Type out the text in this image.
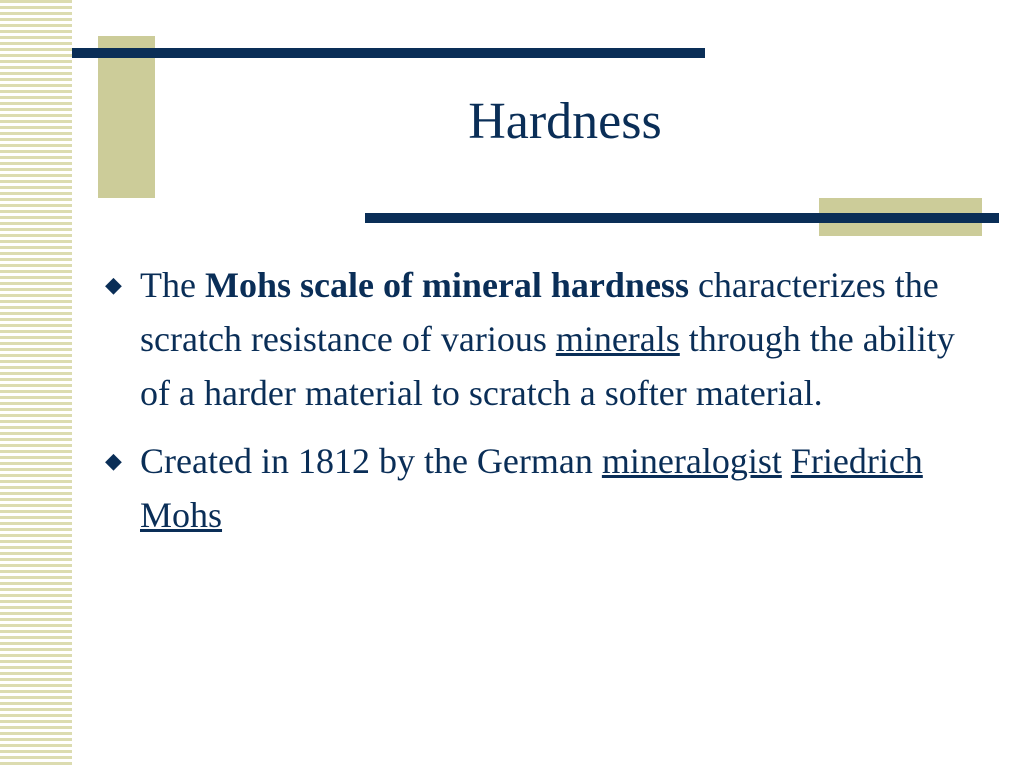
Hardness
◆ The Mohs scale of mineral hardness characterizes the scratch resistance of various minerals through the ability of a harder material to scratch a softer material.
◆ Created in 1812 by the German mineralogist Friedrich Mohs
